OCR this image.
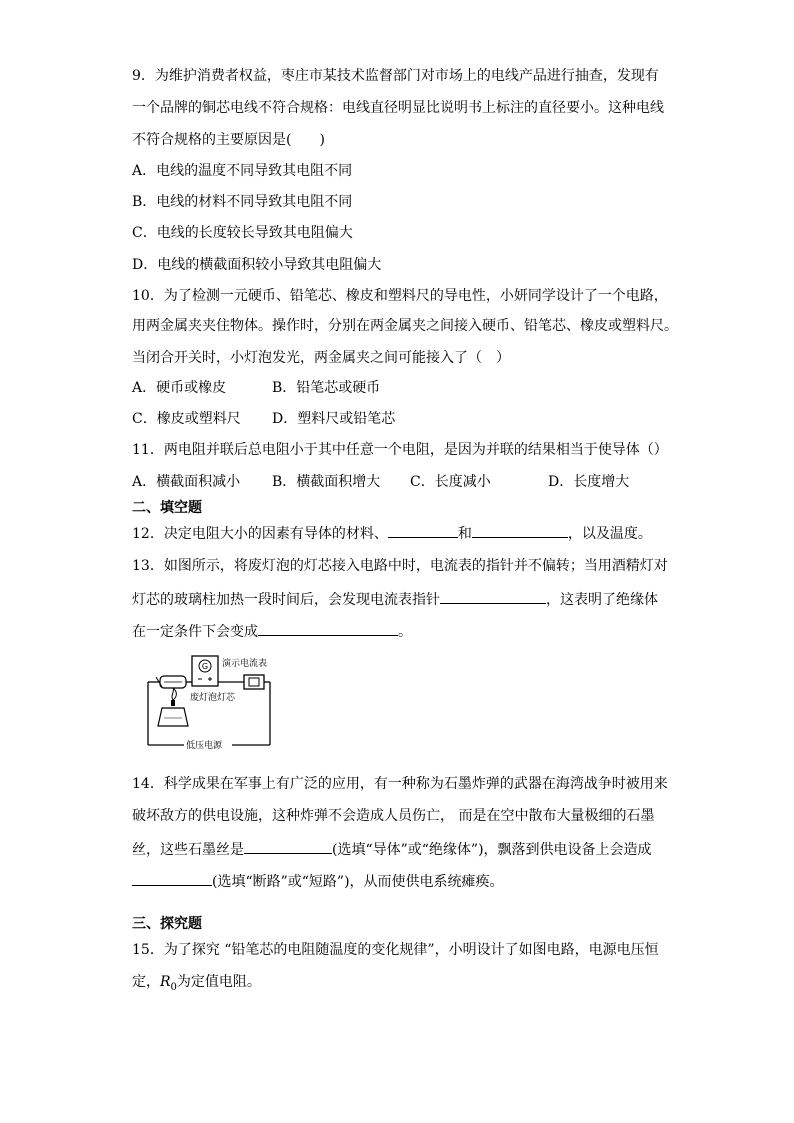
9．为维护消费者权益，枣庄市某技术监督部门对市场上的电线产品进行抽查，发现有
一个品牌的铜芯电线不符合规格：电线直径明显比说明书上标注的直径要小。这种电线
不符合规格的主要原因是(　　)
A．电线的温度不同导致其电阻不同
B．电线的材料不同导致其电阻不同
C．电线的长度较长导致其电阻偏大
D．电线的横截面积较小导致其电阻偏大
10．为了检测一元硬币、铅笔芯、橡皮和塑料尺的导电性，小妍同学设计了一个电路，
用两金属夹夹住物体。操作时，分别在两金属夹之间接入硬币、铅笔芯、橡皮或塑料尺。
当闭合开关时，小灯泡发光，两金属夹之间可能接入了（　）
A．硬币或橡皮	B．铅笔芯或硬币
C．橡皮或塑料尺 D．塑料尺或铅笔芯
11．两电阻并联后总电阻小于其中任意一个电阻，是因为并联的结果相当于使导体（）
A．横截面积减小 B．横截面积增大 C．长度减小	D．长度增大
二、填空题
12．决定电阻大小的因素有导体的材料、	和	，以及温度。
13．如图所示，将废灯泡的灯芯接入电路中时，电流表的指针并不偏转；当用酒精灯对
灯芯的玻璃柱加热一段时间后，会发现电流表指针	，这表明了绝缘体
在一定条件下会变成	。
G 演示电流表
废灯泡灯芯
低压电源
14．科学成果在军事上有广泛的应用，有一种称为石墨炸弹的武器在海湾战争时被用来
破坏敌方的供电设施，这种炸弹不会造成人员伤亡， 而是在空中散布大量极细的石墨
丝，这些石墨丝是	(选填“导体”或“绝缘体”)，飘落到供电设备上会造成
(选填“断路”或“短路”)，从而使供电系统瘫痪。
三、探究题
15．为了探究 “铅笔芯的电阻随温度的变化规律”，小明设计了如图电路，电源电压恒
定，$R_0$为定值电阻。
